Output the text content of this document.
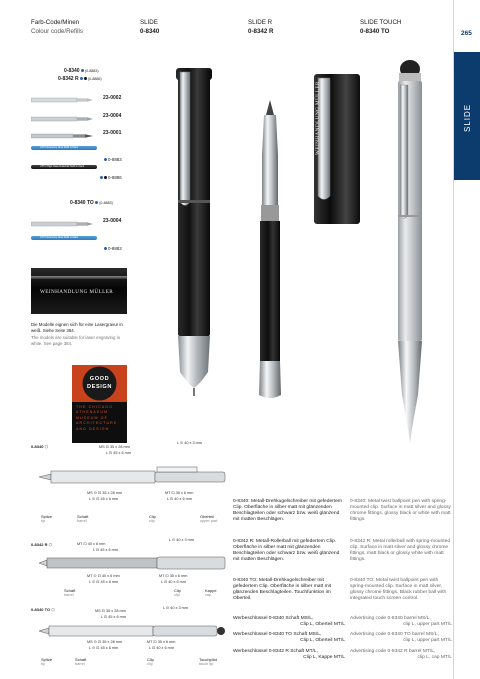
Farb-Code/Minen
Colour code/Refills
SLIDE
0-8340
SLIDE R
0-8342 R
SLIDE TOUCH
0-8340 TO	265
SLIDE
0-8340 (0-8883)
0-8342 R	(0-8886)
23-0002
23-0004
23-0001
UTTO Economy Glow Refill in black
0-8883
UTTO High Class Rollerball Refill in black
0-8886
0-8340 TO (0-8883)
23-0004
UTTO Economy Glow Refill in black
0-8883
WEINHANDLUNG MÜLLER
Die Modelle eignen sich für eine Lasergravur in weiß. Siehe Seite 384.
The models are suitable for laser engraving in white. See page 384.
GOOD
DESIGN
THE CHICAGO ATHENAEUM MUSEUM OF ARCHITECTURE AND DESIGN
WEINHANDLUNG MÜLLER
0-8340 ⬡	MS ⊡ 35 x 28 mm
L ⊡ 45 x 6 mm
L ⊙ 40 x 3 mm
MS ⊙ ⊡ 35 x 28 mm
L ⊙ ⊡ 45 x 6 mm
MT ⊡ 35 x 6 mm
L ⊡ 40 x 6 mm
Spitze
tip
Schaft
barrel
Clip
clip
Oberteil
upper part
0-8342 R ⬡	MT ⊡ 40 x 6 mm
L ⊡ 45 x 6 mm
L ⊙ 40 x 3 mm
MT ⊙ ⊡ 40 x 6 mm
L ⊙ ⊡ 45 x 6 mm
MT ⊡ 35 x 6 mm
L ⊡ 40 x 6 mm
Schaft
barrel
Clip
clip
Kappe
cap
0-8340 TO ⬡	MS ⊡ 35 x 28 mm
L ⊡ 45 x 6 mm
L ⊙ 40 x 3 mm
MS ⊙ ⊡ 35 x 28 mm
L ⊙ ⊡ 45 x 6 mm
MT ⊡ 35 x 6 mm
L ⊡ 40 x 6 mm
Spitze
tip
Schaft
barrel
Clip
clip
Touchpilot
touch tip
0-8340: Metall-Drehkugelschreiber mit gefedertem Clip. Oberfläche in silber matt mit glänzenden Beschlagteilen oder schwarz bzw. weiß glänzend mit matten Beschlägen.
0-8340: Metal twist ballpoint pen with spring-mounted clip. Surface in matt silver and glossy chrome fittings, glossy black or white with matt fittings.
0-8342 R: Metall-Rollerball mit gefedertem Clip. Oberfläche in silber matt mit glänzenden Beschlagteilen oder schwarz bzw. weiß glänzend mit matten Beschlägen.
0-8342 R: Metal rollerball with spring-mounted clip. Surface in matt silver and glossy chrome fittings, matt black or glossy white with matt fittings.
0-8340 TO: Metall-Drehkugelschreiber mit gefedertem Clip. Oberfläche in silber matt mit glänzenden Beschlagteilen. Touchfunktion im Oberteil.
0-8340 TO: Metal twist ballpoint pen with spring-mounted clip. Surface in matt silver, glossy chrome fittings. Black rubber ball with integrated touch screen control.
Werbeschlüssel 0-8340 Schaft MS/L,
Clip L, Oberteil MT/L
Advertising code 0-8340 barrel MS/L,
clip L, upper part MT/L
Werbeschlüssel 0-8340 TO Schaft MS/L,
Clip L, Oberteil MT/L
Advertising code 0-8340 TO barrel MS/L,
clip L, upper part MT/L
Werbeschlüssel 0-8342 R Schaft MT/L,
Clip L, Kappe MT/L
Advertising code 0-8342 R barrel MT/L,
clip L, cap MT/L
